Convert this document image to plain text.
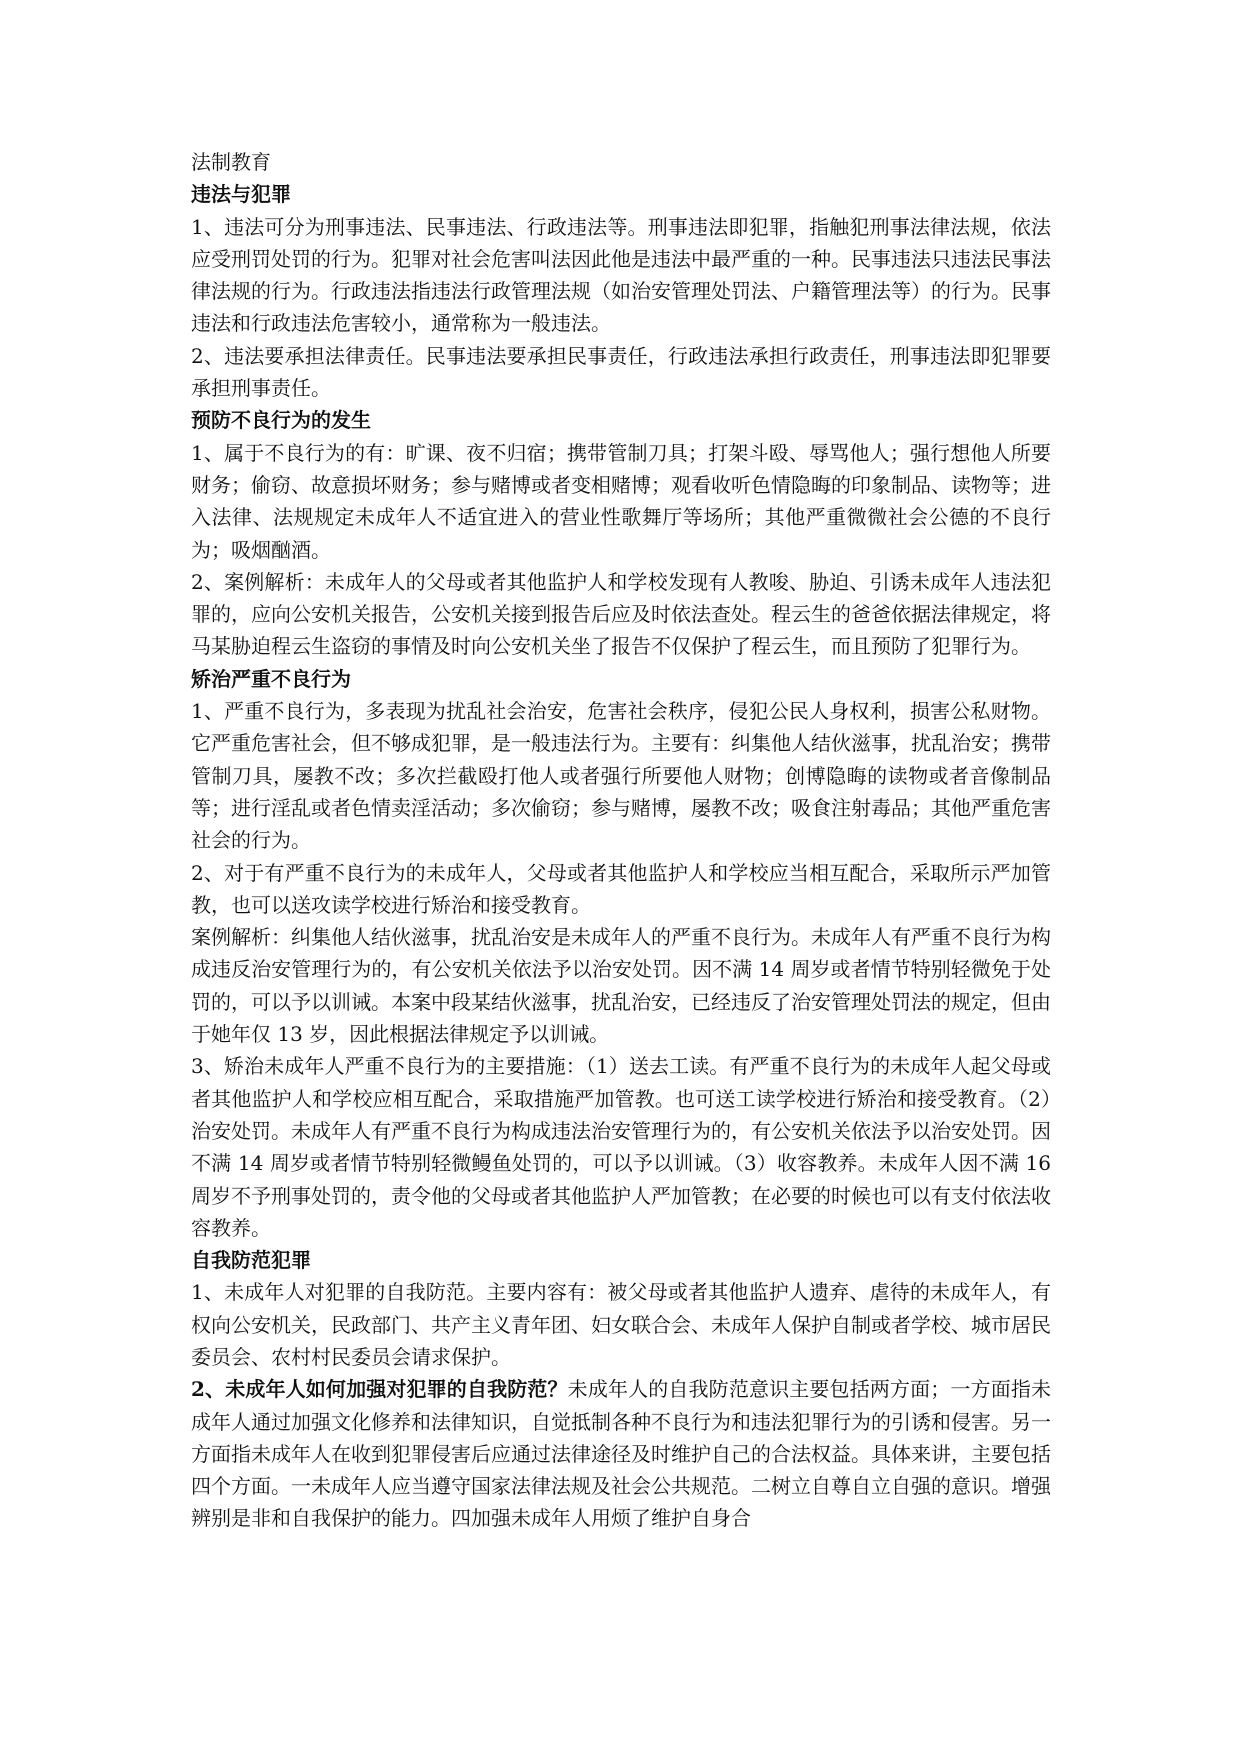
法制教育

违法与犯罪

1、违法可分为刑事违法、民事违法、行政违法等。刑事违法即犯罪，指触犯刑事法律法规，依法应受刑罚处罚的行为。犯罪对社会危害叫法因此他是违法中最严重的一种。民事违法只违法民事法律法规的行为。行政违法指违法行政管理法规（如治安管理处罚法、户籍管理法等）的行为。民事违法和行政违法危害较小，通常称为一般违法。

2、违法要承担法律责任。民事违法要承担民事责任，行政违法承担行政责任，刑事违法即犯罪要承担刑事责任。

预防不良行为的发生

1、属于不良行为的有：旷课、夜不归宿；携带管制刀具；打架斗殴、辱骂他人；强行想他人所要财务；偷窃、故意损坏财务；参与赌博或者变相赌博；观看收听色情隐晦的印象制品、读物等；进入法律、法规规定未成年人不适宜进入的营业性歌舞厅等场所；其他严重微微社会公德的不良行为；吸烟酗酒。

2、案例解析：未成年人的父母或者其他监护人和学校发现有人教唆、胁迫、引诱未成年人违法犯罪的，应向公安机关报告，公安机关接到报告后应及时依法查处。程云生的爸爸依据法律规定，将马某胁迫程云生盗窃的事情及时向公安机关坐了报告不仅保护了程云生，而且预防了犯罪行为。

矫治严重不良行为

1、严重不良行为，多表现为扰乱社会治安，危害社会秩序，侵犯公民人身权利，损害公私财物。它严重危害社会，但不够成犯罪，是一般违法行为。主要有：纠集他人结伙滋事，扰乱治安；携带管制刀具，屡教不改；多次拦截殴打他人或者强行所要他人财物；创博隐晦的读物或者音像制品等；进行淫乱或者色情卖淫活动；多次偷窃；参与赌博，屡教不改；吸食注射毒品；其他严重危害社会的行为。

2、对于有严重不良行为的未成年人，父母或者其他监护人和学校应当相互配合，采取所示严加管教，也可以送攻读学校进行矫治和接受教育。

案例解析：纠集他人结伙滋事，扰乱治安是未成年人的严重不良行为。未成年人有严重不良行为构成违反治安管理行为的，有公安机关依法予以治安处罚。因不满 14 周岁或者情节特别轻微免于处罚的，可以予以训诫。本案中段某结伙滋事，扰乱治安，已经违反了治安管理处罚法的规定，但由于她年仅 13 岁，因此根据法律规定予以训诫。

3、矫治未成年人严重不良行为的主要措施：（1）送去工读。有严重不良行为的未成年人起父母或者其他监护人和学校应相互配合，采取措施严加管教。也可送工读学校进行矫治和接受教育。（2）治安处罚。未成年人有严重不良行为构成违法治安管理行为的，有公安机关依法予以治安处罚。因不满 14 周岁或者情节特别轻微鳗鱼处罚的，可以予以训诫。（3）收容教养。未成年人因不满 16 周岁不予刑事处罚的，责令他的父母或者其他监护人严加管教；在必要的时候也可以有支付依法收容教养。

自我防范犯罪

1、未成年人对犯罪的自我防范。主要内容有：被父母或者其他监护人遗弃、虐待的未成年人，有权向公安机关，民政部门、共产主义青年团、妇女联合会、未成年人保护自制或者学校、城市居民委员会、农村村民委员会请求保护。

2、未成年人如何加强对犯罪的自我防范？未成年人的自我防范意识主要包括两方面；一方面指未成年人通过加强文化修养和法律知识，自觉抵制各种不良行为和违法犯罪行为的引诱和侵害。另一方面指未成年人在收到犯罪侵害后应通过法律途径及时维护自己的合法权益。具体来讲，主要包括四个方面。一未成年人应当遵守国家法律法规及社会公共规范。二树立自尊自立自强的意识。增强辨别是非和自我保护的能力。四加强未成年人用烦了维护自身合
